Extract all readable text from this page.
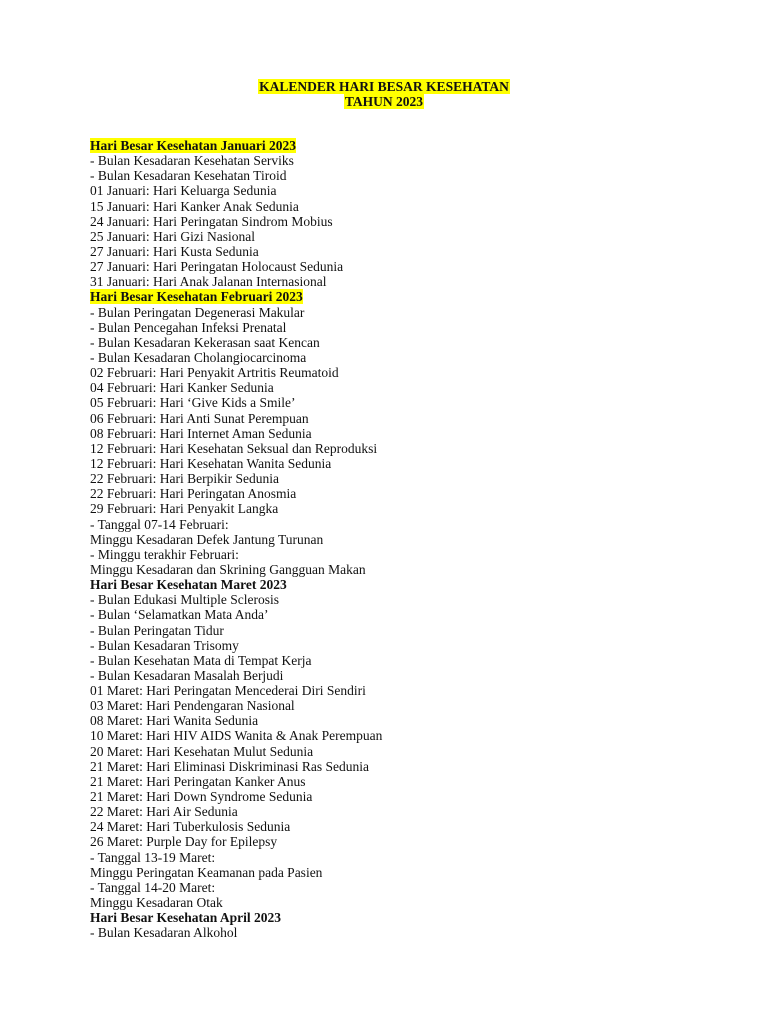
KALENDER HARI BESAR KESEHATAN
TAHUN 2023
Hari Besar Kesehatan Januari 2023
- Bulan Kesadaran Kesehatan Serviks
- Bulan Kesadaran Kesehatan Tiroid
01 Januari: Hari Keluarga Sedunia
15 Januari: Hari Kanker Anak Sedunia
24 Januari: Hari Peringatan Sindrom Mobius
25 Januari: Hari Gizi Nasional
27 Januari: Hari Kusta Sedunia
27 Januari: Hari Peringatan Holocaust Sedunia
31 Januari: Hari Anak Jalanan Internasional
Hari Besar Kesehatan Februari 2023
- Bulan Peringatan Degenerasi Makular
- Bulan Pencegahan Infeksi Prenatal
- Bulan Kesadaran Kekerasan saat Kencan
- Bulan Kesadaran Cholangiocarcinoma
02 Februari: Hari Penyakit Artritis Reumatoid
04 Februari: Hari Kanker Sedunia
05 Februari: Hari ‘Give Kids a Smile’
06 Februari: Hari Anti Sunat Perempuan
08 Februari: Hari Internet Aman Sedunia
12 Februari: Hari Kesehatan Seksual dan Reproduksi
12 Februari: Hari Kesehatan Wanita Sedunia
22 Februari: Hari Berpikir Sedunia
22 Februari: Hari Peringatan Anosmia
29 Februari: Hari Penyakit Langka
- Tanggal 07-14 Februari:
Minggu Kesadaran Defek Jantung Turunan
- Minggu terakhir Februari:
Minggu Kesadaran dan Skrining Gangguan Makan
Hari Besar Kesehatan Maret 2023
- Bulan Edukasi Multiple Sclerosis
- Bulan ‘Selamatkan Mata Anda’
- Bulan Peringatan Tidur
- Bulan Kesadaran Trisomy
- Bulan Kesehatan Mata di Tempat Kerja
- Bulan Kesadaran Masalah Berjudi
01 Maret: Hari Peringatan Mencederai Diri Sendiri
03 Maret: Hari Pendengaran Nasional
08 Maret: Hari Wanita Sedunia
10 Maret: Hari HIV AIDS Wanita & Anak Perempuan
20 Maret: Hari Kesehatan Mulut Sedunia
21 Maret: Hari Eliminasi Diskriminasi Ras Sedunia
21 Maret: Hari Peringatan Kanker Anus
21 Maret: Hari Down Syndrome Sedunia
22 Maret: Hari Air Sedunia
24 Maret: Hari Tuberkulosis Sedunia
26 Maret: Purple Day for Epilepsy
- Tanggal 13-19 Maret:
Minggu Peringatan Keamanan pada Pasien
- Tanggal 14-20 Maret:
Minggu Kesadaran Otak
Hari Besar Kesehatan April 2023
- Bulan Kesadaran Alkohol
